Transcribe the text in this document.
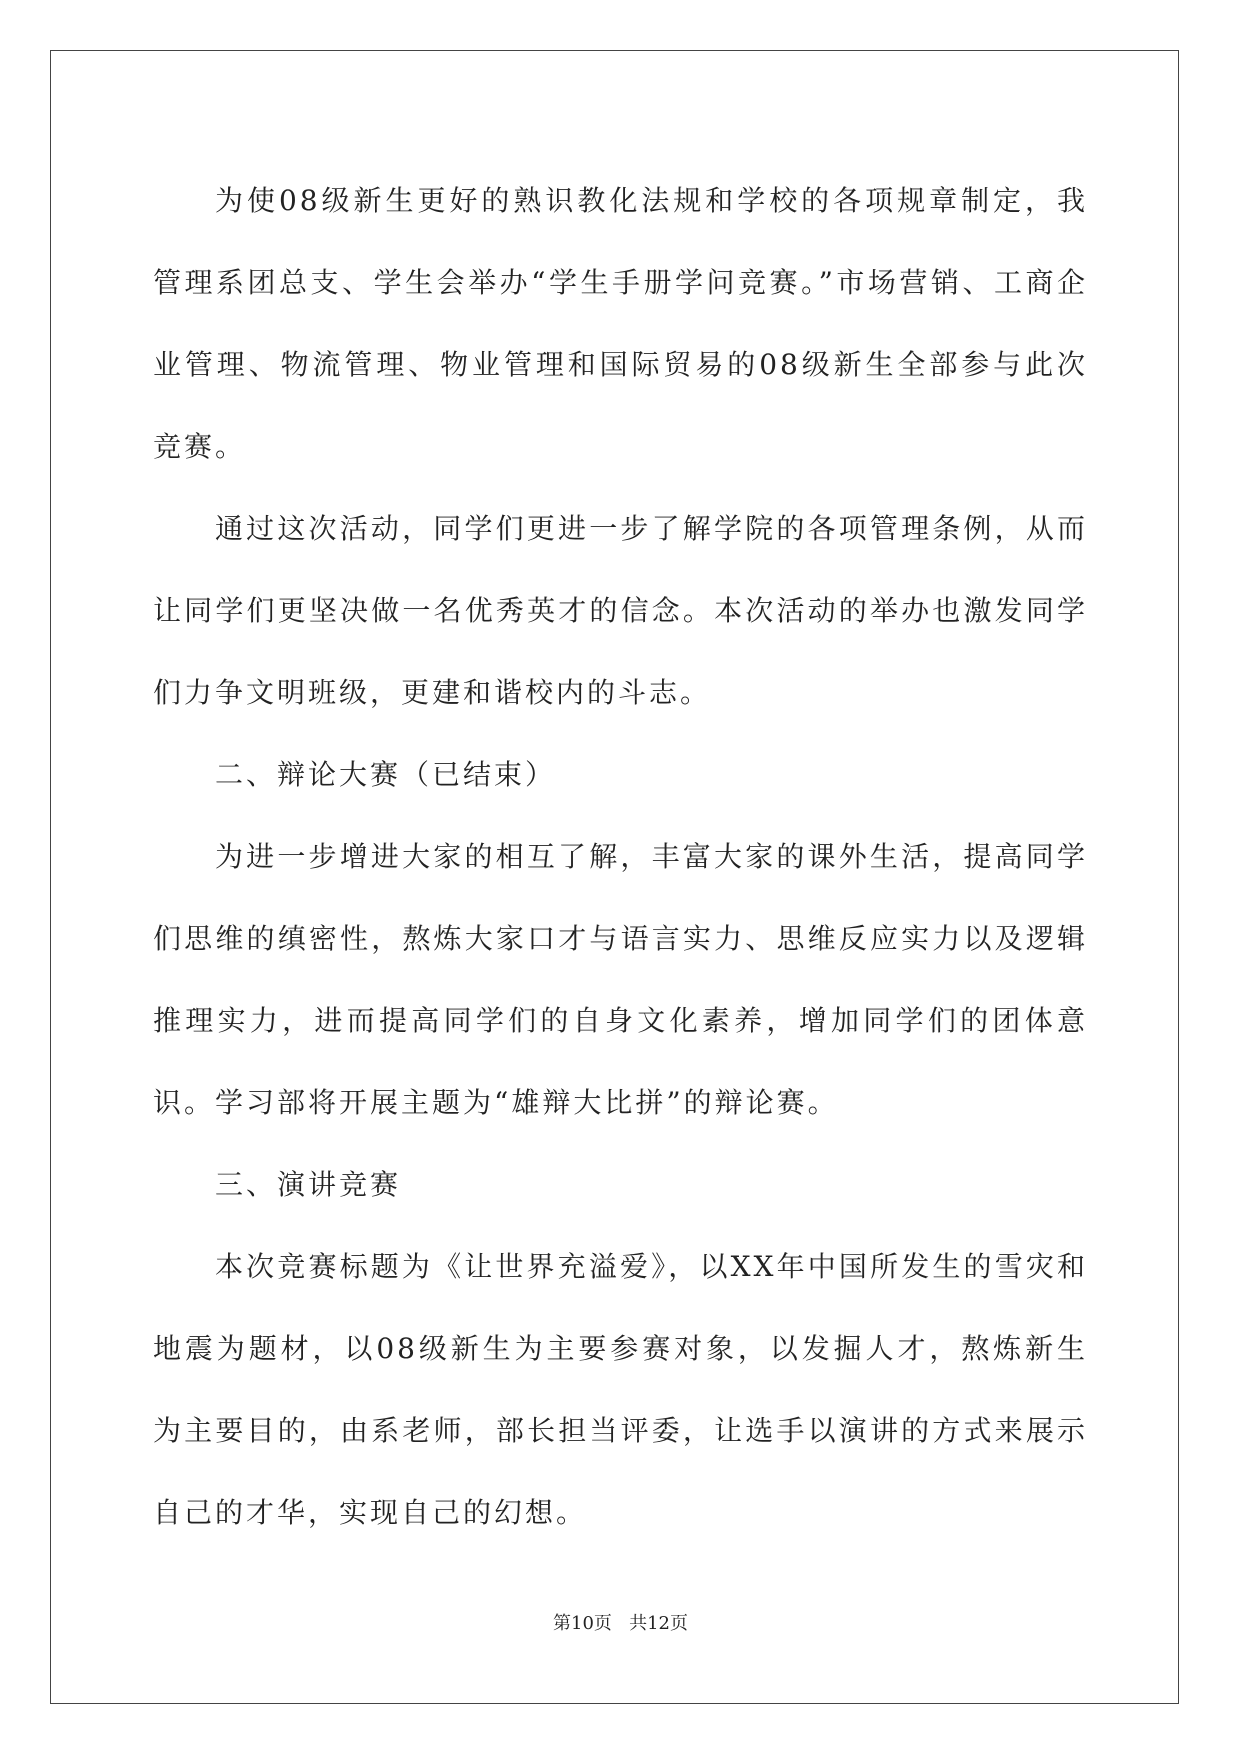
为使08级新生更好的熟识教化法规和学校的各项规章制定，我管理系团总支、学生会举办“学生手册学问竞赛。”市场营销、工商企业管理、物流管理、物业管理和国际贸易的08级新生全部参与此次竞赛。

通过这次活动，同学们更进一步了解学院的各项管理条例，从而让同学们更坚决做一名优秀英才的信念。本次活动的举办也激发同学们力争文明班级，更建和谐校内的斗志。

二、辩论大赛（已结束）

为进一步增进大家的相互了解，丰富大家的课外生活，提高同学们思维的缜密性，熬炼大家口才与语言实力、思维反应实力以及逻辑推理实力，进而提高同学们的自身文化素养，增加同学们的团体意识。学习部将开展主题为“雄辩大比拼”的辩论赛。

三、演讲竞赛

本次竞赛标题为《让世界充溢爱》，以XX年中国所发生的雪灾和地震为题材，以08级新生为主要参赛对象，以发掘人才，熬炼新生为主要目的，由系老师，部长担当评委，让选手以演讲的方式来展示自己的才华，实现自己的幻想。

第10页 共12页
